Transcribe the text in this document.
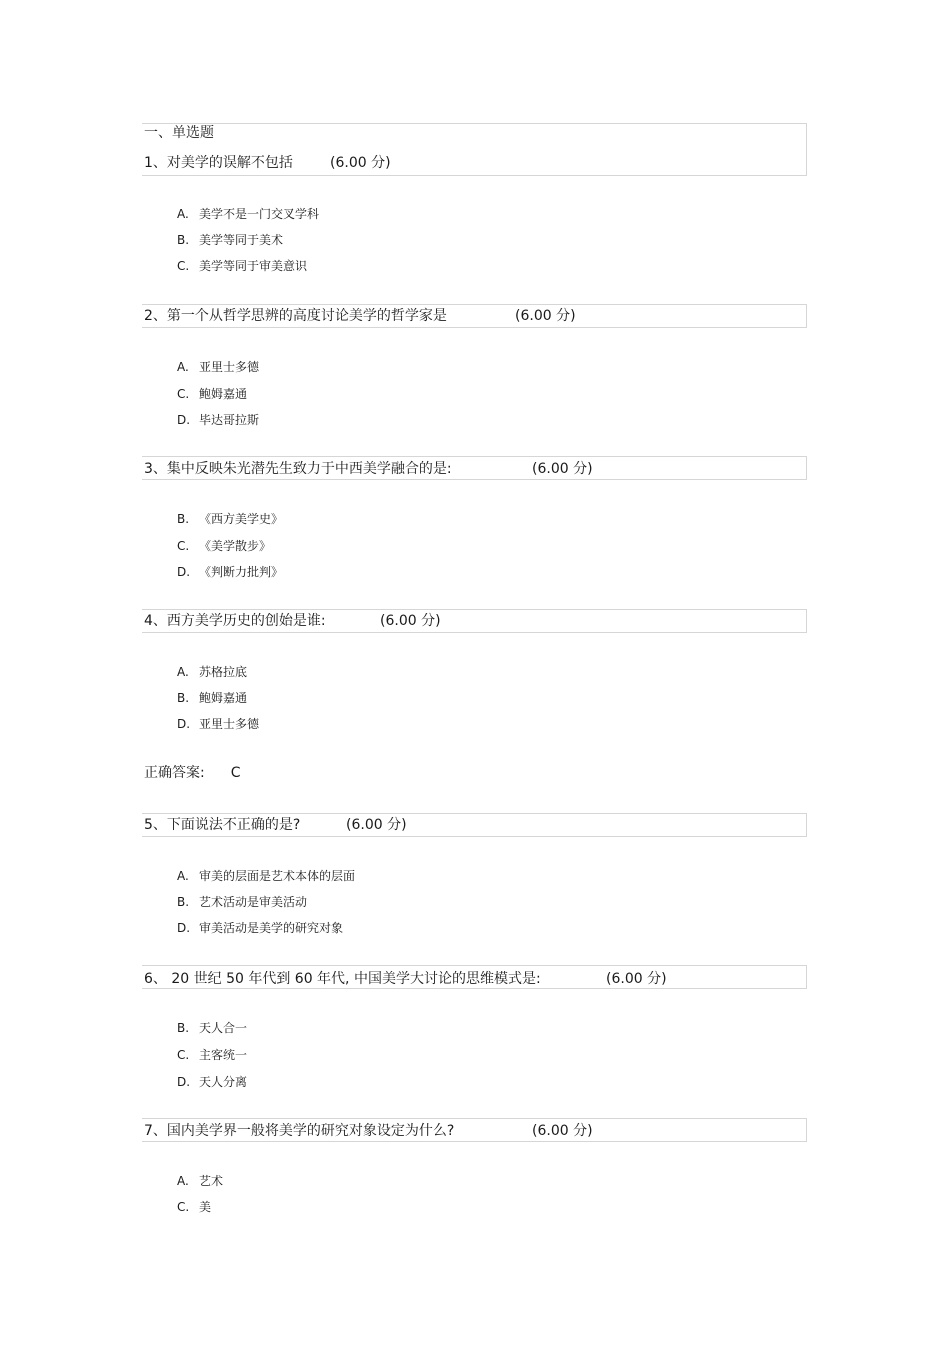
一、单选题
1、对美学的误解不包括	(6.00 分)
A. 美学不是一门交叉学科
B. 美学等同于美术
C. 美学等同于审美意识
2、第一个从哲学思辨的高度讨论美学的哲学家是	(6.00 分)
A. 亚里士多德
C. 鲍姆嘉通
D. 毕达哥拉斯
3、集中反映朱光潜先生致力于中西美学融合的是:	(6.00 分)
B. 《西方美学史》
C. 《美学散步》
D. 《判断力批判》
4、西方美学历史的创始是谁:	(6.00 分)
A. 苏格拉底
B. 鲍姆嘉通
D. 亚里士多德
正确答案: C
5、下面说法不正确的是?	(6.00 分)
A. 审美的层面是艺术本体的层面
B. 艺术活动是审美活动
D. 审美活动是美学的研究对象
6、 20 世纪 50 年代到 60 年代, 中国美学大讨论的思维模式是:	(6.00 分)
B. 天人合一
C. 主客统一
D. 天人分离
7、国内美学界一般将美学的研究对象设定为什么?	(6.00 分)
A. 艺术
C. 美
